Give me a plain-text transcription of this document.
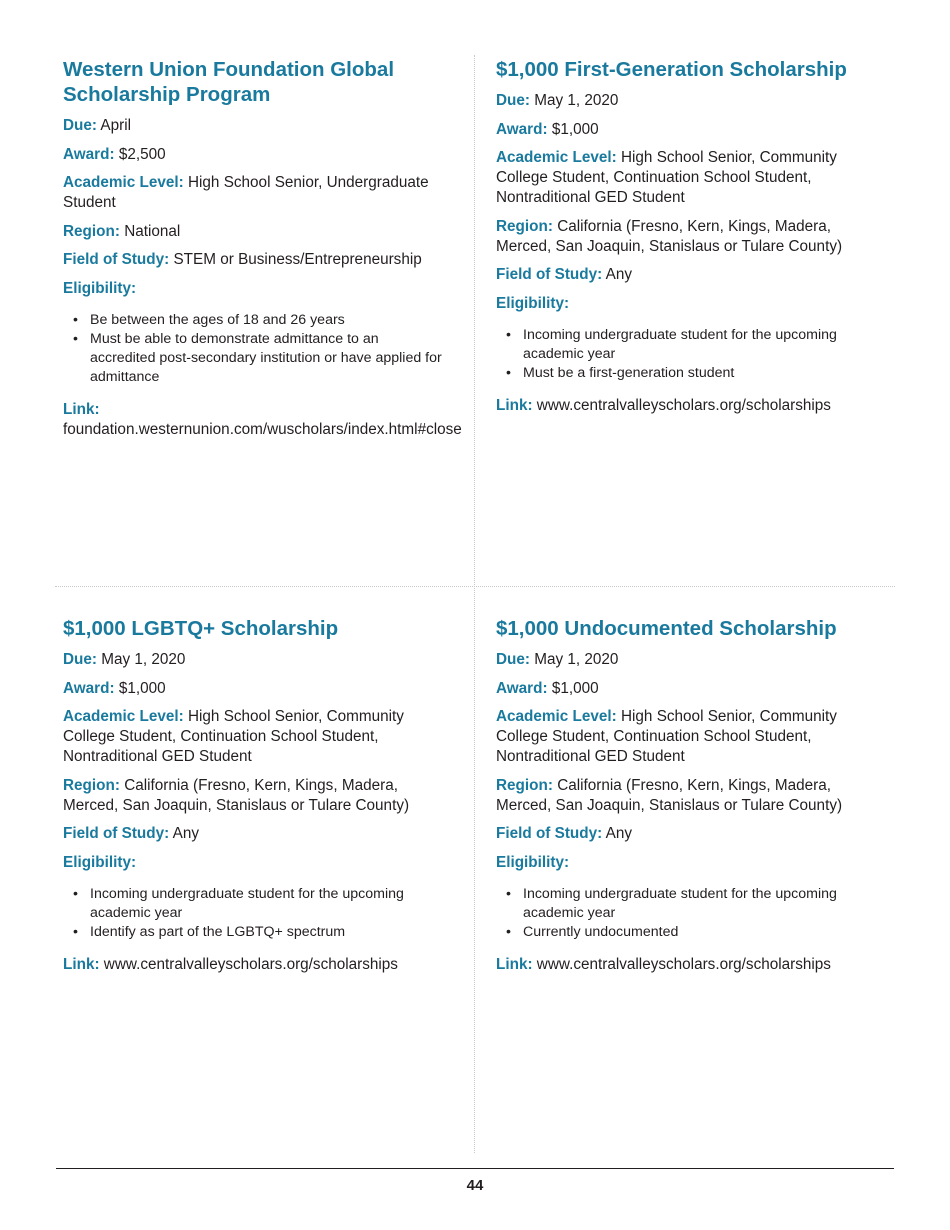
Western Union Foundation Global Scholarship Program
Due: April
Award: $2,500
Academic Level: High School Senior, Undergraduate Student
Region: National
Field of Study: STEM or Business/Entrepreneurship
Eligibility:
• Be between the ages of 18 and 26 years
• Must be able to demonstrate admittance to an accredited post-secondary institution or have applied for admittance
Link: foundation.westernunion.com/wuscholars/index.html#close
$1,000 First-Generation Scholarship
Due: May 1, 2020
Award: $1,000
Academic Level: High School Senior, Community College Student, Continuation School Student, Nontraditional GED Student
Region: California (Fresno, Kern, Kings, Madera, Merced, San Joaquin, Stanislaus or Tulare County)
Field of Study: Any
Eligibility:
• Incoming undergraduate student for the upcoming academic year
• Must be a first-generation student
Link: www.centralvalleyscholars.org/scholarships
$1,000 LGBTQ+ Scholarship
Due: May 1, 2020
Award: $1,000
Academic Level: High School Senior, Community College Student, Continuation School Student, Nontraditional GED Student
Region: California (Fresno, Kern, Kings, Madera, Merced, San Joaquin, Stanislaus or Tulare County)
Field of Study: Any
Eligibility:
• Incoming undergraduate student for the upcoming academic year
• Identify as part of the LGBTQ+ spectrum
Link: www.centralvalleyscholars.org/scholarships
$1,000 Undocumented Scholarship
Due: May 1, 2020
Award: $1,000
Academic Level: High School Senior, Community College Student, Continuation School Student, Nontraditional GED Student
Region: California (Fresno, Kern, Kings, Madera, Merced, San Joaquin, Stanislaus or Tulare County)
Field of Study: Any
Eligibility:
• Incoming undergraduate student for the upcoming academic year
• Currently undocumented
Link: www.centralvalleyscholars.org/scholarships
44
